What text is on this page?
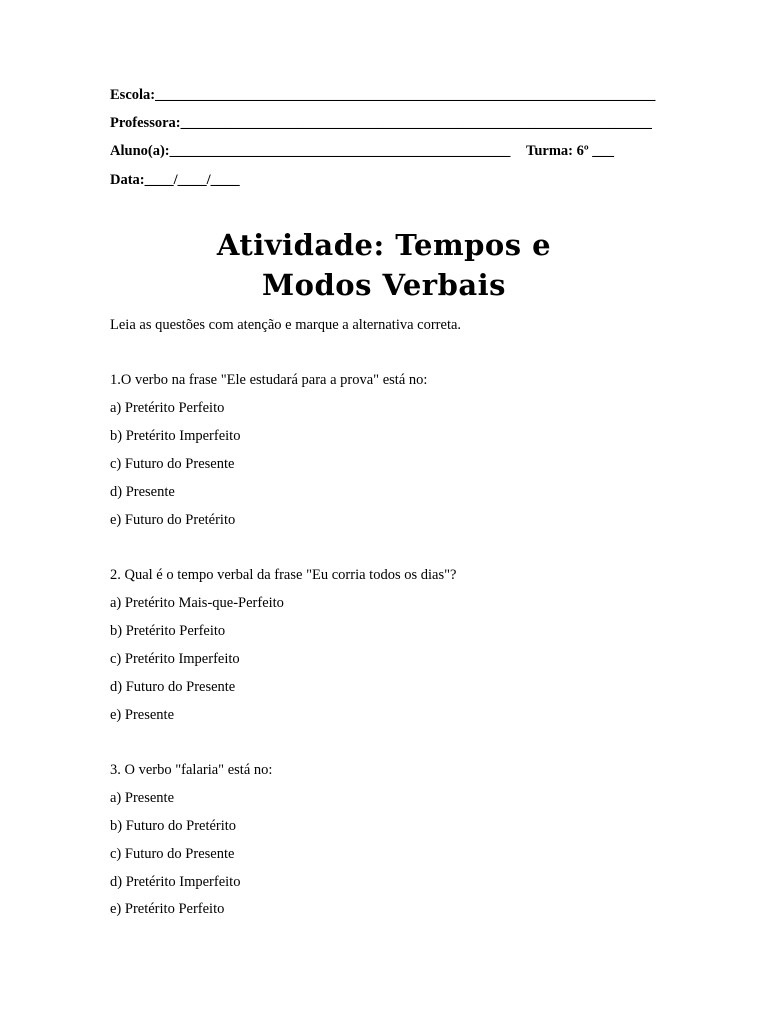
Escola:_____________________________________________________________________
Professora:_________________________________________________________________
Aluno(a):_______________________________________________ Turma: 6º ___
Data:____/____/____
Atividade: Tempos e
Modos Verbais
Leia as questões com atenção e marque a alternativa correta.
1.O verbo na frase "Ele estudará para a prova" está no:
a) Pretérito Perfeito
b) Pretérito Imperfeito
c) Futuro do Presente
d) Presente
e) Futuro do Pretérito
2. Qual é o tempo verbal da frase "Eu corria todos os dias"?
a) Pretérito Mais-que-Perfeito
b) Pretérito Perfeito
c) Pretérito Imperfeito
d) Futuro do Presente
e) Presente
3. O verbo "falaria" está no:
a) Presente
b) Futuro do Pretérito
c) Futuro do Presente
d) Pretérito Imperfeito
e) Pretérito Perfeito
